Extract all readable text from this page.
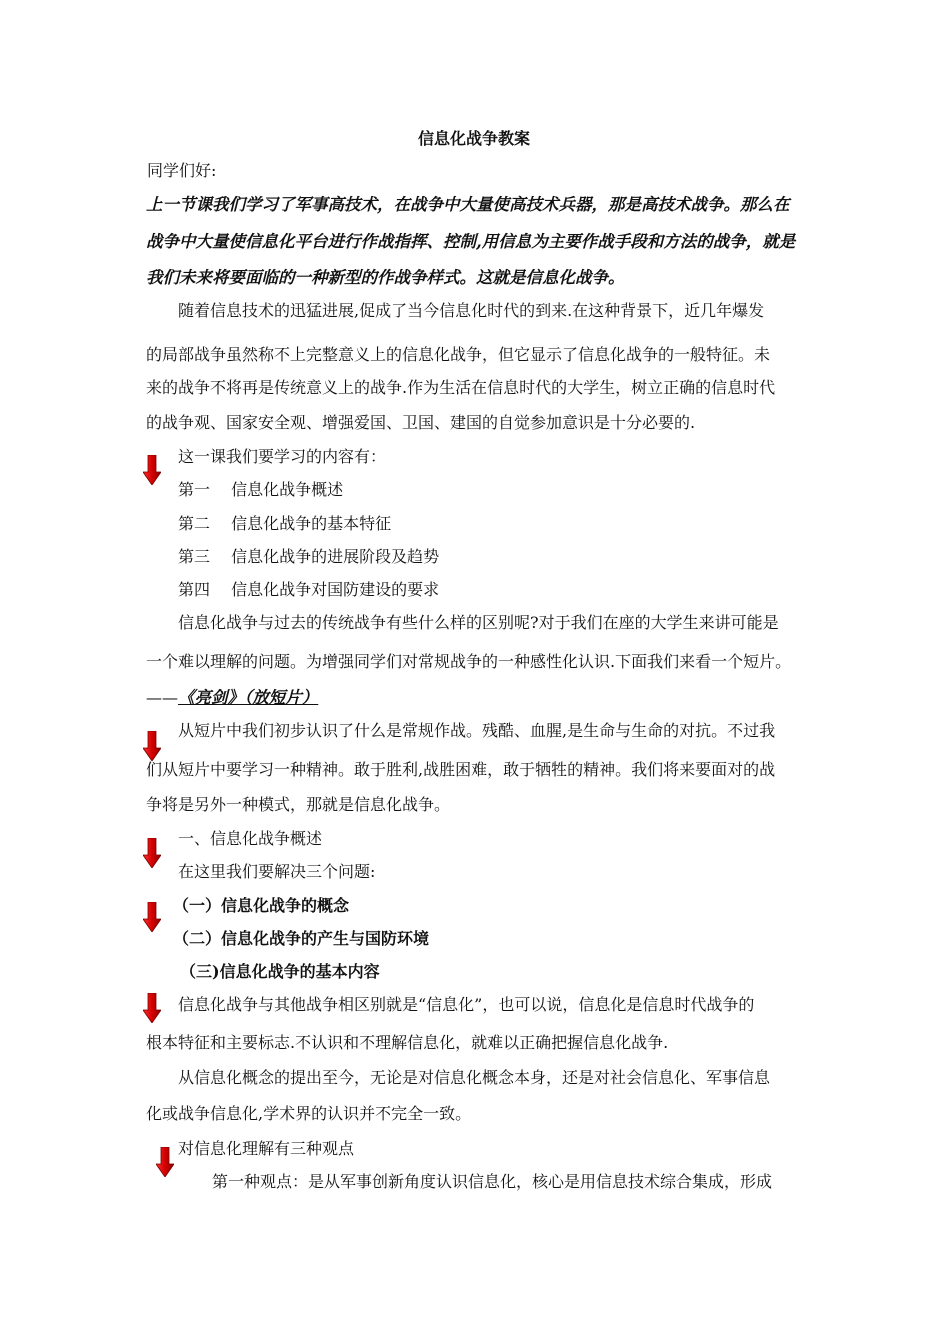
信息化战争教案
同学们好:
上一节课我们学习了军事高技术，在战争中大量使高技术兵器，那是高技术战争。那么在
战争中大量使信息化平台进行作战指挥、控制,用信息为主要作战手段和方法的战争，就是
我们未来将要面临的一种新型的作战争样式。这就是信息化战争。
随着信息技术的迅猛进展,促成了当今信息化时代的到来.在这种背景下，近几年爆发
的局部战争虽然称不上完整意义上的信息化战争，但它显示了信息化战争的一般特征。未
来的战争不将再是传统意义上的战争.作为生活在信息时代的大学生，树立正确的信息时代
的战争观、国家安全观、增强爱国、卫国、建国的自觉参加意识是十分必要的.
这一课我们要学习的内容有：
第一　 信息化战争概述
第二　 信息化战争的基本特征
第三　 信息化战争的进展阶段及趋势
第四　 信息化战争对国防建设的要求
信息化战争与过去的传统战争有些什么样的区别呢?对于我们在座的大学生来讲可能是
一个难以理解的问题。为增强同学们对常规战争的一种感性化认识.下面我们来看一个短片。
——《亮剑》（放短片）
从短片中我们初步认识了什么是常规作战。残酷、血腥,是生命与生命的对抗。不过我
们从短片中要学习一种精神。敢于胜利,战胜困难，敢于牺牲的精神。我们将来要面对的战
争将是另外一种模式，那就是信息化战争。
一、信息化战争概述
在这里我们要解决三个问题:
（一）信息化战争的概念
（二）信息化战争的产生与国防环境
（三)信息化战争的基本内容
信息化战争与其他战争相区别就是“信息化”，也可以说，信息化是信息时代战争的
根本特征和主要标志.不认识和不理解信息化，就难以正确把握信息化战争.
从信息化概念的提出至今，无论是对信息化概念本身，还是对社会信息化、军事信息
化或战争信息化,学术界的认识并不完全一致。
对信息化理解有三种观点
第一种观点：是从军事创新角度认识信息化，核心是用信息技术综合集成，形成
